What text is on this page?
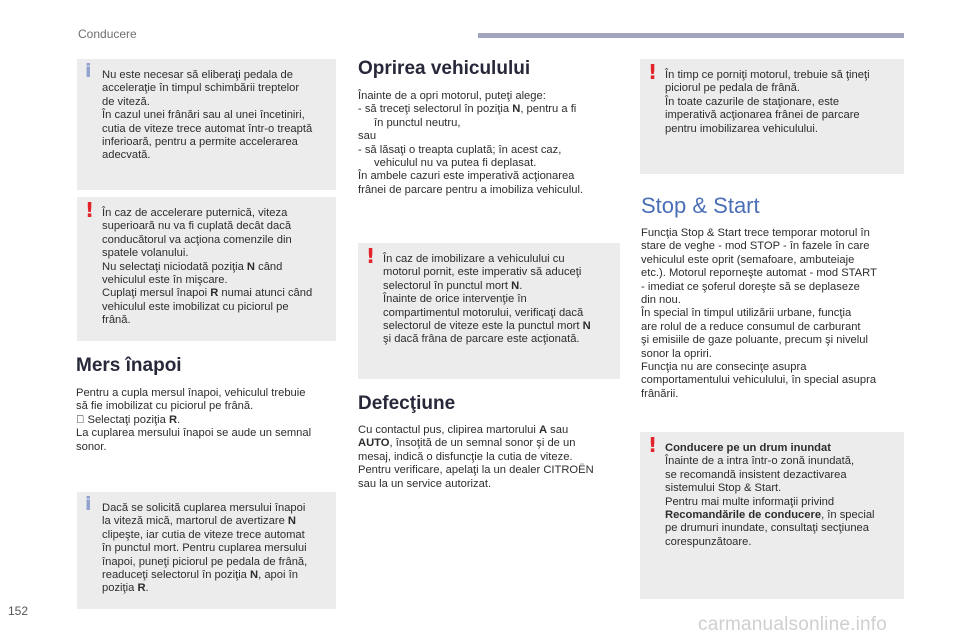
Conducere
i Nu este necesar să eliberaţi pedala de

acceleraţie în timpul schimbării treptelor

de viteză.

În cazul unei frânări sau al unei încetiniri,

cutia de viteze trece automat într-o treaptă

inferioară, pentru a permite accelerarea

adecvată.

! În caz de accelerare puternică, viteza

superioară nu va fi cuplată decât dacă

conducătorul va acţiona comenzile din

spatele volanului.

Nu selectaţi niciodată poziţia N când

vehiculul este în mişcare.

Cuplaţi mersul înapoi R numai atunci când

vehiculul este imobilizat cu piciorul pe

frână.

Mers înapoi

Pentru a cupla mersul înapoi, vehiculul trebuie

să fie imobilizat cu piciorul pe frână.

Selectaţi poziţia R.

La cuplarea mersului înapoi se aude un semnal

sonor.

i Dacă se solicită cuplarea mersului înapoi

la viteză mică, martorul de avertizare N

clipeşte, iar cutia de viteze trece automat

în punctul mort. Pentru cuplarea mersului

înapoi, puneţi piciorul pe pedala de frână,

readuceţi selectorul în poziţia N, apoi în

poziţia R.

Oprirea vehiculului

Înainte de a opri motorul, puteţi alege:

- să treceţi selectorul în poziţia N, pentru a fi

în punctul neutru,

sau

- să lăsaţi o treapta cuplată; în acest caz,

vehiculul nu va putea fi deplasat.

În ambele cazuri este imperativă acţionarea

frânei de parcare pentru a imobiliza vehiculul.

! În caz de imobilizare a vehiculului cu

motorul pornit, este imperativ să aduceţi

selectorul în punctul mort N.

Înainte de orice intervenţie în

compartimentul motorului, verificaţi dacă

selectorul de viteze este la punctul mort N

şi dacă frâna de parcare este acţionată.

Defecţiune

Cu contactul pus, clipirea martorului A sau

AUTO, însoţită de un semnal sonor şi de un

mesaj, indică o disfuncţie la cutia de viteze.

Pentru verificare, apelaţi la un dealer CITROËN

sau la un service autorizat.

! În timp ce porniţi motorul, trebuie să ţineţi

piciorul pe pedala de frână.

În toate cazurile de staţionare, este

imperativă acţionarea frânei de parcare

pentru imobilizarea vehiculului.

Stop & Start

Funcţia Stop & Start trece temporar motorul în

stare de veghe - mod STOP - în fazele în care

vehiculul este oprit (semafoare, ambuteiaje

etc.). Motorul reporneşte automat - mod START

- imediat ce şoferul doreşte să se deplaseze

din nou.

În special în timpul utilizării urbane, funcţia

are rolul de a reduce consumul de carburant

şi emisiile de gaze poluante, precum şi nivelul

sonor la opriri.

Funcţia nu are consecinţe asupra

comportamentului vehiculului, în special asupra

frânării.

! Conducere pe un drum inundat

Înainte de a intra într-o zonă inundată,

se recomandă insistent dezactivarea

sistemului Stop & Start.

Pentru mai multe informaţii privind

Recomandările de conducere, în special

pe drumuri inundate, consultaţi secţiunea

corespunzătoare.

152
carmanualsonline.info
